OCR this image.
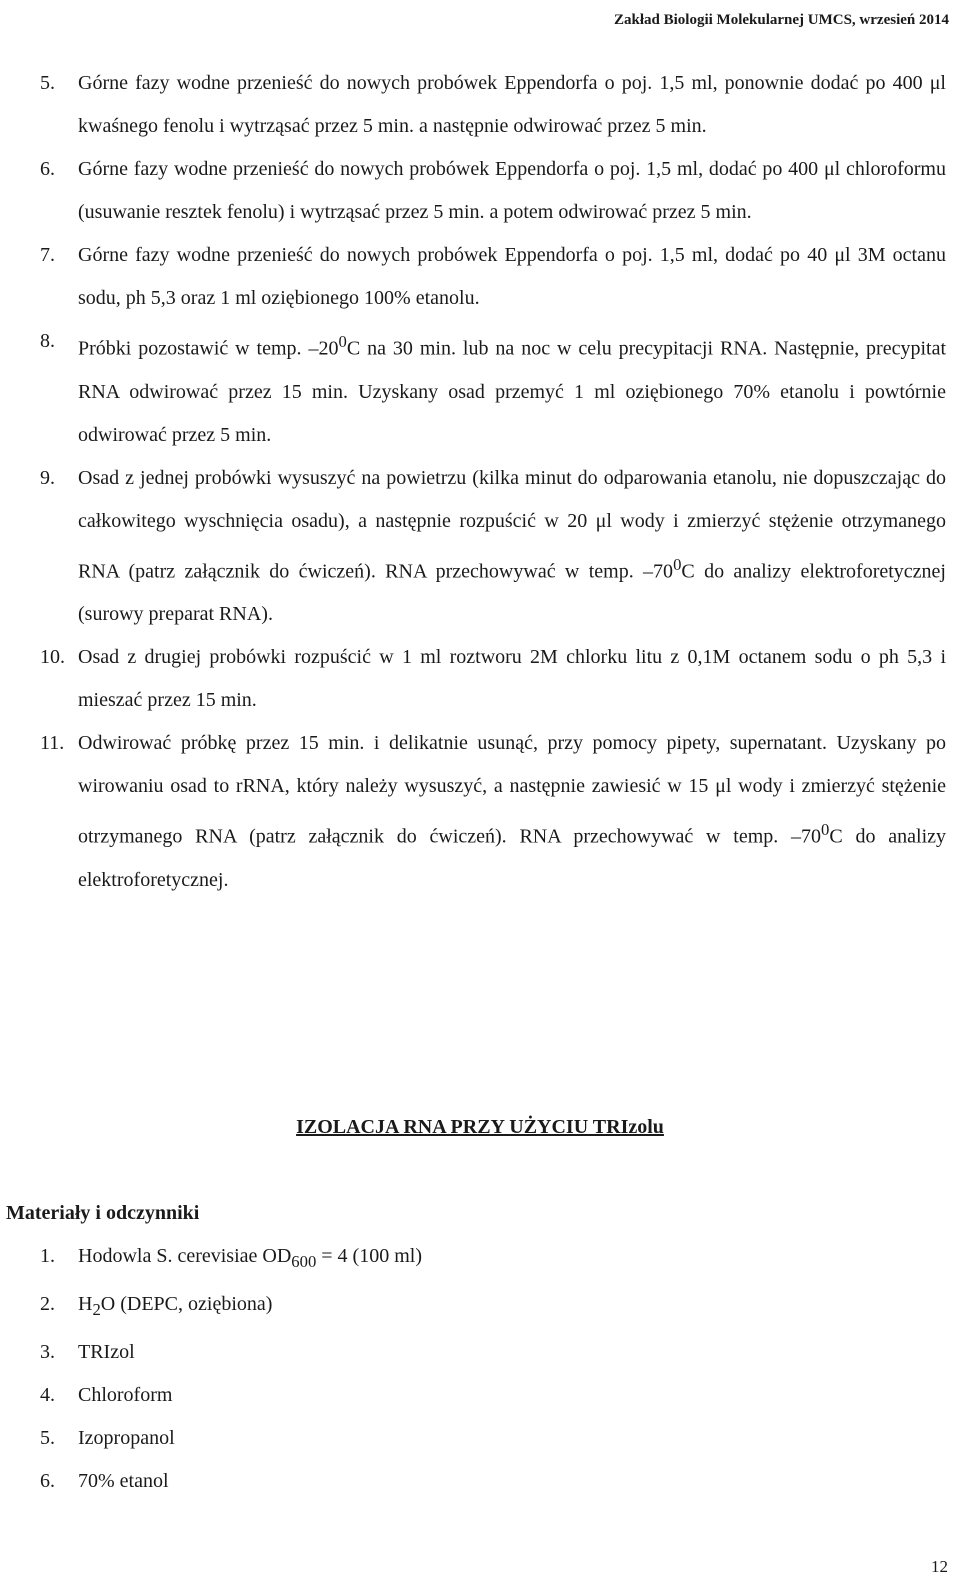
Zakład Biologii Molekularnej UMCS, wrzesień 2014
5. Górne fazy wodne przenieść do nowych probówek Eppendorfa o poj. 1,5 ml, ponownie dodać po 400 μl kwaśnego fenolu i wytrząsać przez 5 min. a następnie odwirować przez 5 min.
6. Górne fazy wodne przenieść do nowych probówek Eppendorfa o poj. 1,5 ml, dodać po 400 μl chloroformu (usuwanie resztek fenolu) i wytrząsać przez 5 min. a potem odwirować przez 5 min.
7. Górne fazy wodne przenieść do nowych probówek Eppendorfa o poj. 1,5 ml, dodać po 40 μl 3M octanu sodu, ph 5,3 oraz 1 ml oziębionego 100% etanolu.
8. Próbki pozostawić w temp. $-20^0C$ na 30 min. lub na noc w celu precypitacji RNA. Następnie, precypitat RNA odwirować przez 15 min. Uzyskany osad przemyć 1 ml oziębionego 70% etanolu i powtórnie odwirować przez 5 min.
9. Osad z jednej probówki wysuszyć na powietrzu (kilka minut do odparowania etanolu, nie dopuszczając do całkowitego wyschnięcia osadu), a następnie rozpuścić w 20 μl wody i zmierzyć stężenie otrzymanego RNA (patrz załącznik do ćwiczeń). RNA przechowywać w temp. $-70^0C$ do analizy elektroforetycznej (surowy preparat RNA).
10. Osad z drugiej probówki rozpuścić w 1 ml roztworu 2M chlorku litu z 0,1M octanem sodu o ph 5,3 i mieszać przez 15 min.
11. Odwirować próbkę przez 15 min. i delikatnie usunąć, przy pomocy pipety, supernatant. Uzyskany po wirowaniu osad to rRNA, który należy wysuszyć, a następnie zawiesić w 15 μl wody i zmierzyć stężenie otrzymanego RNA (patrz załącznik do ćwiczeń). RNA przechowywać w temp. $-70^0C$ do analizy elektroforetycznej.
IZOLACJA RNA PRZY UŻYCIU TRIzolu
Materiały i odczynniki
1. Hodowla S. cerevisiae $OD_{600} = 4$ (100 ml)
2. $H_2O$ (DEPC, oziębiona)
3. TRIzol
4. Chloroform
5. Izopropanol
6. 70% etanol
12
